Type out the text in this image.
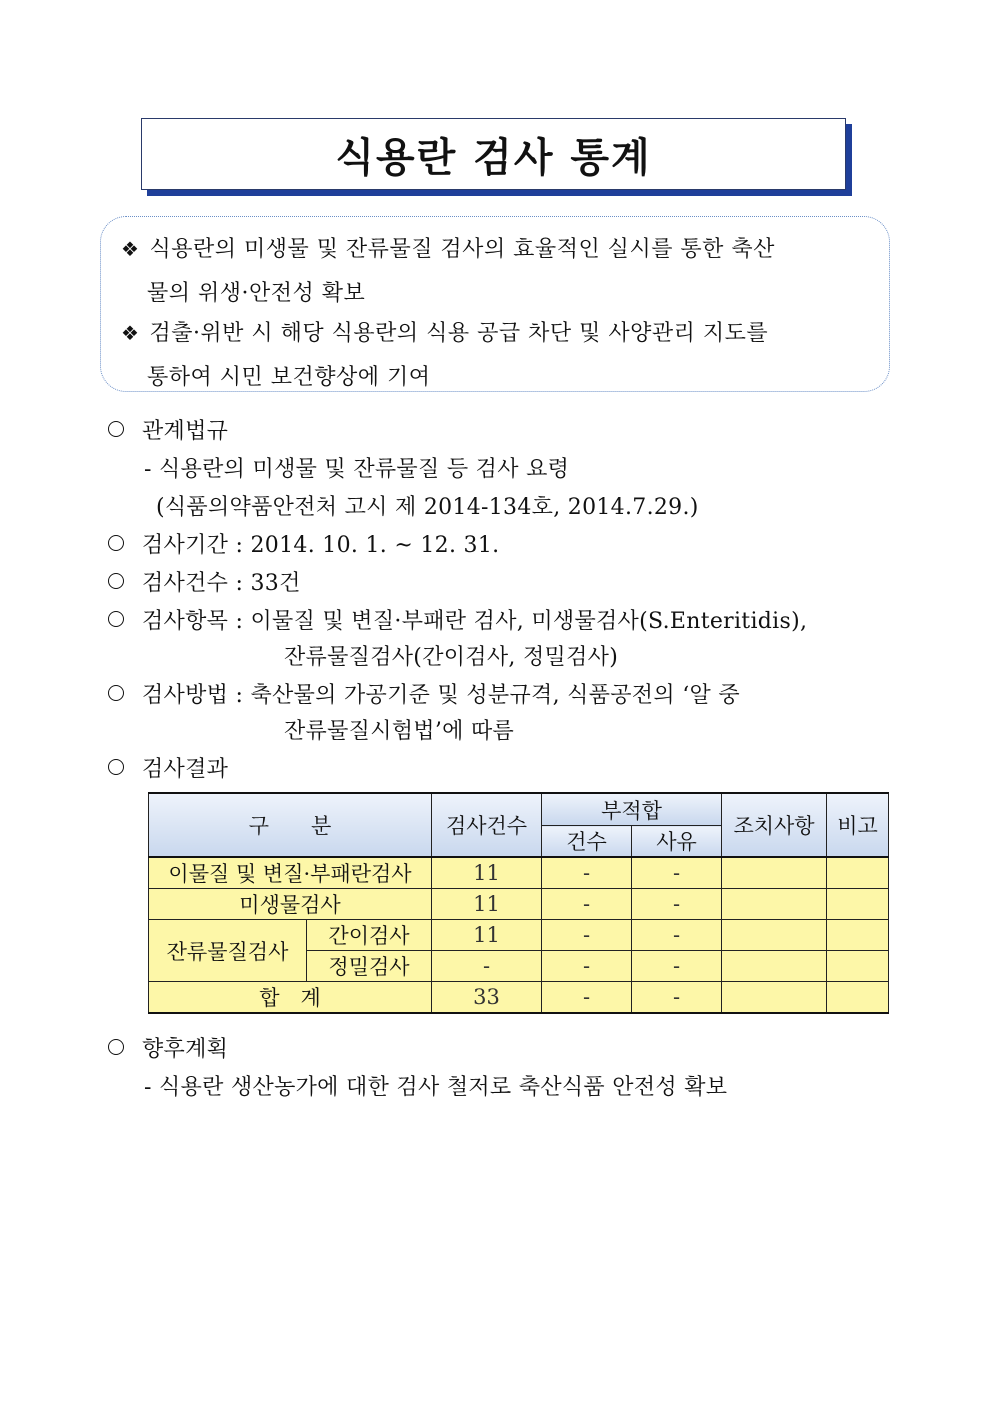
식용란 검사 통계
❖ 식용란의 미생물 및 잔류물질 검사의 효율적인 실시를 통한 축산
물의 위생·안전성 확보
❖ 검출·위반 시 해당 식용란의 식용 공급 차단 및 사양관리 지도를
통하여 시민 보건향상에 기여
관계법규
- 식용란의 미생물 및 잔류물질 등 검사 요령
(식품의약품안전처 고시 제 2014-134호, 2014.7.29.)
검사기간 : 2014. 10. 1. ~ 12. 31.
검사건수 : 33건
검사항목 : 이물질 및 변질·부패란 검사, 미생물검사(S.Enteritidis),
잔류물질검사(간이검사, 정밀검사)
검사방법 : 축산물의 가공기준 및 성분규격, 식품공전의 ‘알 중
잔류물질시험법’에 따름
검사결과
구　　분		검사건수	부적합		조치사항	비고
			건수	사유		
이물질 및 변질·부패란검사		11	-	-		
미생물검사		11	-	-		
잔류물질검사	간이검사	11	-	-		
	정밀검사	-	-	-		
합　계		33	-	-		
향후계획
- 식용란 생산농가에 대한 검사 철저로 축산식품 안전성 확보
